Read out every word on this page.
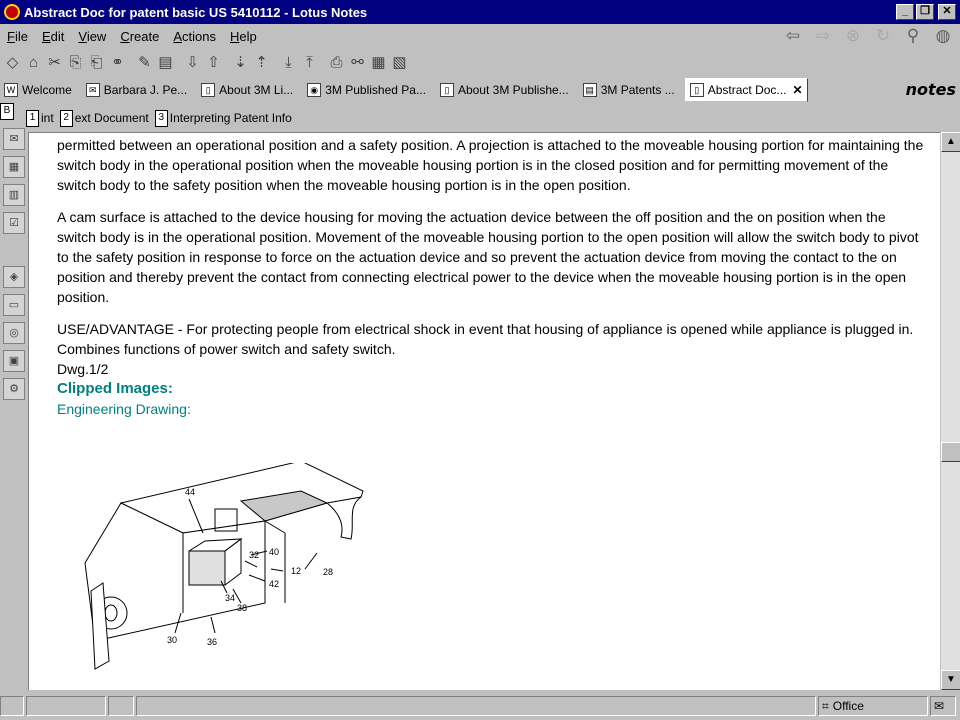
Abstract Doc for patent basic US 5410112 - Lotus Notes	_	❐	✕
File	Edit	View	Create	Actions	Help	⇦ ⇨ ⊗ ↻ ⚲ ◍
◇ ⌂ ✂ ⎘ ⎗ ⚭ ✎ ▤ ⇩ ⇧ ⇣ ⇡	⤓ ⤒	⎙ ⚯ ▦ ▧
W Welcome	✉ Barbara J. Pe...	▯ About 3M Li...	◉ 3M Published Pa...	▯ About 3M Publishe...	▤ 3M Patents ...	▯ Abstract Doc... ✕	notes
B
✉
▦
▥
☑
◈
▭
◎
▣
⚙
1 int 2 ext Document 3 Interpreting Patent Info
permitted between an operational position and a safety position. A projection is attached to the moveable housing portion for maintaining the switch body in the operational position when the moveable housing portion is in the closed position and for permitting movement of the switch body to the safety position when the moveable housing portion is in the open position.
A cam surface is attached to the device housing for moving the actuation device between the off position and the on position when the switch body is in the operational position. Movement of the moveable housing portion to the open position will allow the switch body to pivot to the safety position in response to force on the actuation device and so prevent the actuation device from moving the contact to the on position and thereby prevent the contact from connecting electrical power to the device when the moveable housing portion is in the open position.
USE/ADVANTAGE - For protecting people from electrical shock in event that housing of appliance is opened while appliance is plugged in. Combines functions of power switch and safety switch.
Dwg.1/2
Clipped Images:
Engineering Drawing:
44
40
32
12 28
42
34
38
30	36
▲
▼
⌗ Office	✉
